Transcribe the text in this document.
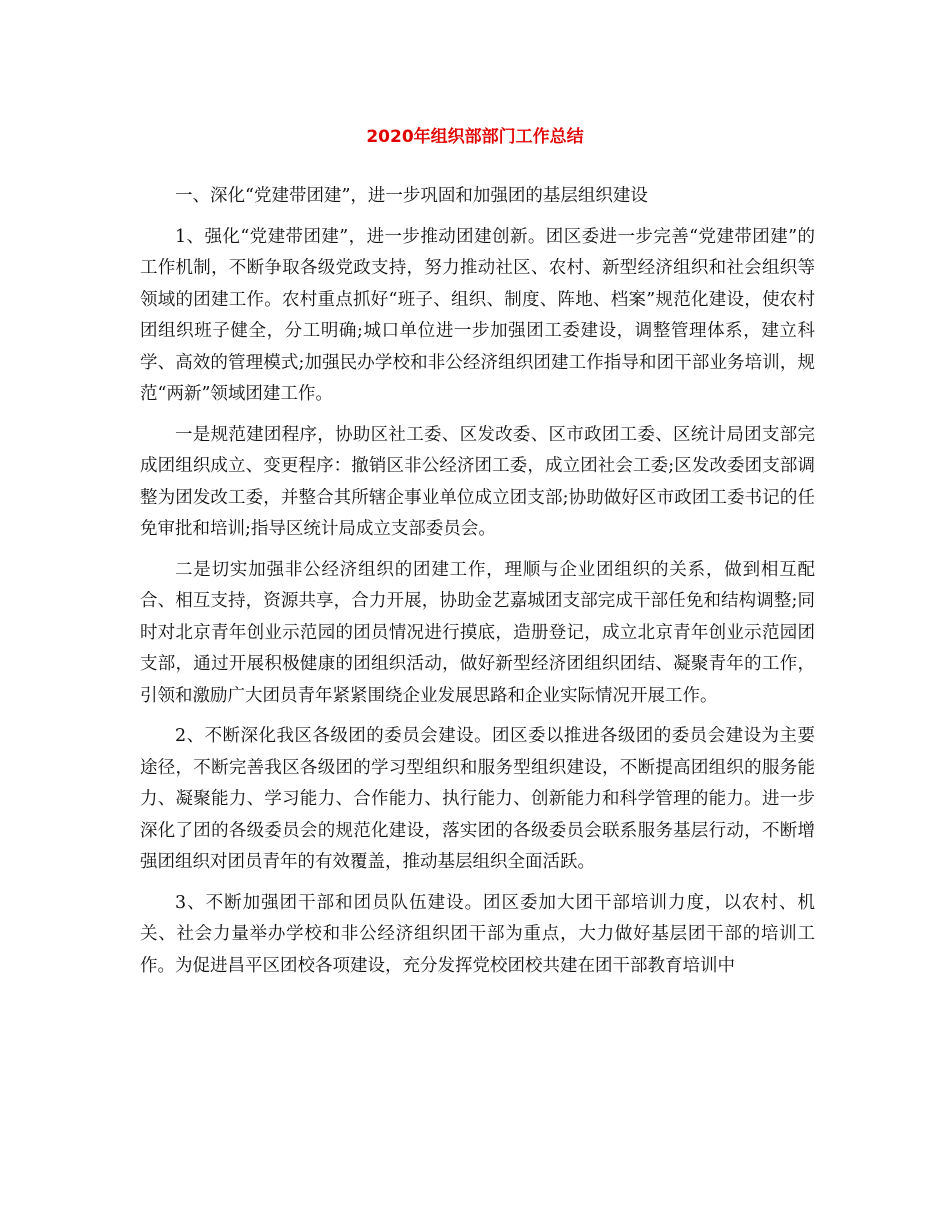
2020年组织部部门工作总结

一、深化“党建带团建”，进一步巩固和加强团的基层组织建设

1、强化“党建带团建”，进一步推动团建创新。团区委进一步完善“党建带团建”的工作机制，不断争取各级党政支持，努力推动社区、农村、新型经济组织和社会组织等领域的团建工作。农村重点抓好“班子、组织、制度、阵地、档案”规范化建设，使农村团组织班子健全，分工明确;城口单位进一步加强团工委建设，调整管理体系，建立科学、高效的管理模式;加强民办学校和非公经济组织团建工作指导和团干部业务培训，规范“两新”领域团建工作。

一是规范建团程序，协助区社工委、区发改委、区市政团工委、区统计局团支部完成团组织成立、变更程序：撤销区非公经济团工委，成立团社会工委;区发改委团支部调整为团发改工委，并整合其所辖企事业单位成立团支部;协助做好区市政团工委书记的任免审批和培训;指导区统计局成立支部委员会。

二是切实加强非公经济组织的团建工作，理顺与企业团组织的关系，做到相互配合、相互支持，资源共享，合力开展，协助金艺嘉城团支部完成干部任免和结构调整;同时对北京青年创业示范园的团员情况进行摸底，造册登记，成立北京青年创业示范园团支部，通过开展积极健康的团组织活动，做好新型经济团组织团结、凝聚青年的工作，引领和激励广大团员青年紧紧围绕企业发展思路和企业实际情况开展工作。

2、不断深化我区各级团的委员会建设。团区委以推进各级团的委员会建设为主要途径，不断完善我区各级团的学习型组织和服务型组织建设，不断提高团组织的服务能力、凝聚能力、学习能力、合作能力、执行能力、创新能力和科学管理的能力。进一步深化了团的各级委员会的规范化建设，落实团的各级委员会联系服务基层行动，不断增强团组织对团员青年的有效覆盖，推动基层组织全面活跃。

3、不断加强团干部和团员队伍建设。团区委加大团干部培训力度，以农村、机关、社会力量举办学校和非公经济组织团干部为重点，大力做好基层团干部的培训工作。为促进昌平区团校各项建设，充分发挥党校团校共建在团干部教育培训中
